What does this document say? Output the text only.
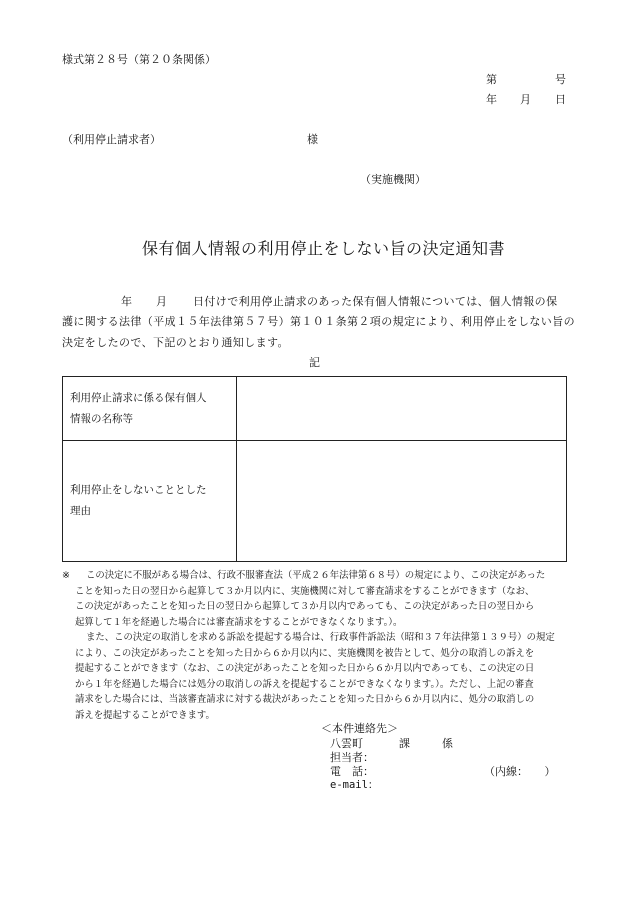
様式第２８号（第２０条関係）
第	号
年 月 日
（利用停止請求者）	様
（実施機関）
保有個人情報の利用停止をしない旨の決定通知書
年 月 日付けで利用停止請求のあった保有個人情報については、個人情報の保
護に関する法律（平成１５年法律第５７号）第１０１条第２項の規定により、利用停止をしない旨の
決定をしたので、下記のとおり通知します。
記
利用停止請求に係る保有個人
情報の名称等	

利用停止をしないこととした
理由	

※ この決定に不服がある場合は、行政不服審査法（平成２６年法律第６８号）の規定により、この決定があった
ことを知った日の翌日から起算して３か月以内に、実施機関に対して審査請求をすることができます（なお、
この決定があったことを知った日の翌日から起算して３か月以内であっても、この決定があった日の翌日から
起算して１年を経過した場合には審査請求をすることができなくなります。）。
また、この決定の取消しを求める訴訟を提起する場合は、行政事件訴訟法（昭和３７年法律第１３９号）の規定
により、この決定があったことを知った日から６か月以内に、実施機関を被告として、処分の取消しの訴えを
提起することができます（なお、この決定があったことを知った日から６か月以内であっても、この決定の日
から１年を経過した場合には処分の取消しの訴えを提起することができなくなります。）。ただし、上記の審査
請求をした場合には、当該審査請求に対する裁決があったことを知った日から６か月以内に、処分の取消しの
訴えを提起することができます。
＜本件連絡先＞
八雲町	課	係
担当者：
電　話：	（内線：　　）
e-mail：
